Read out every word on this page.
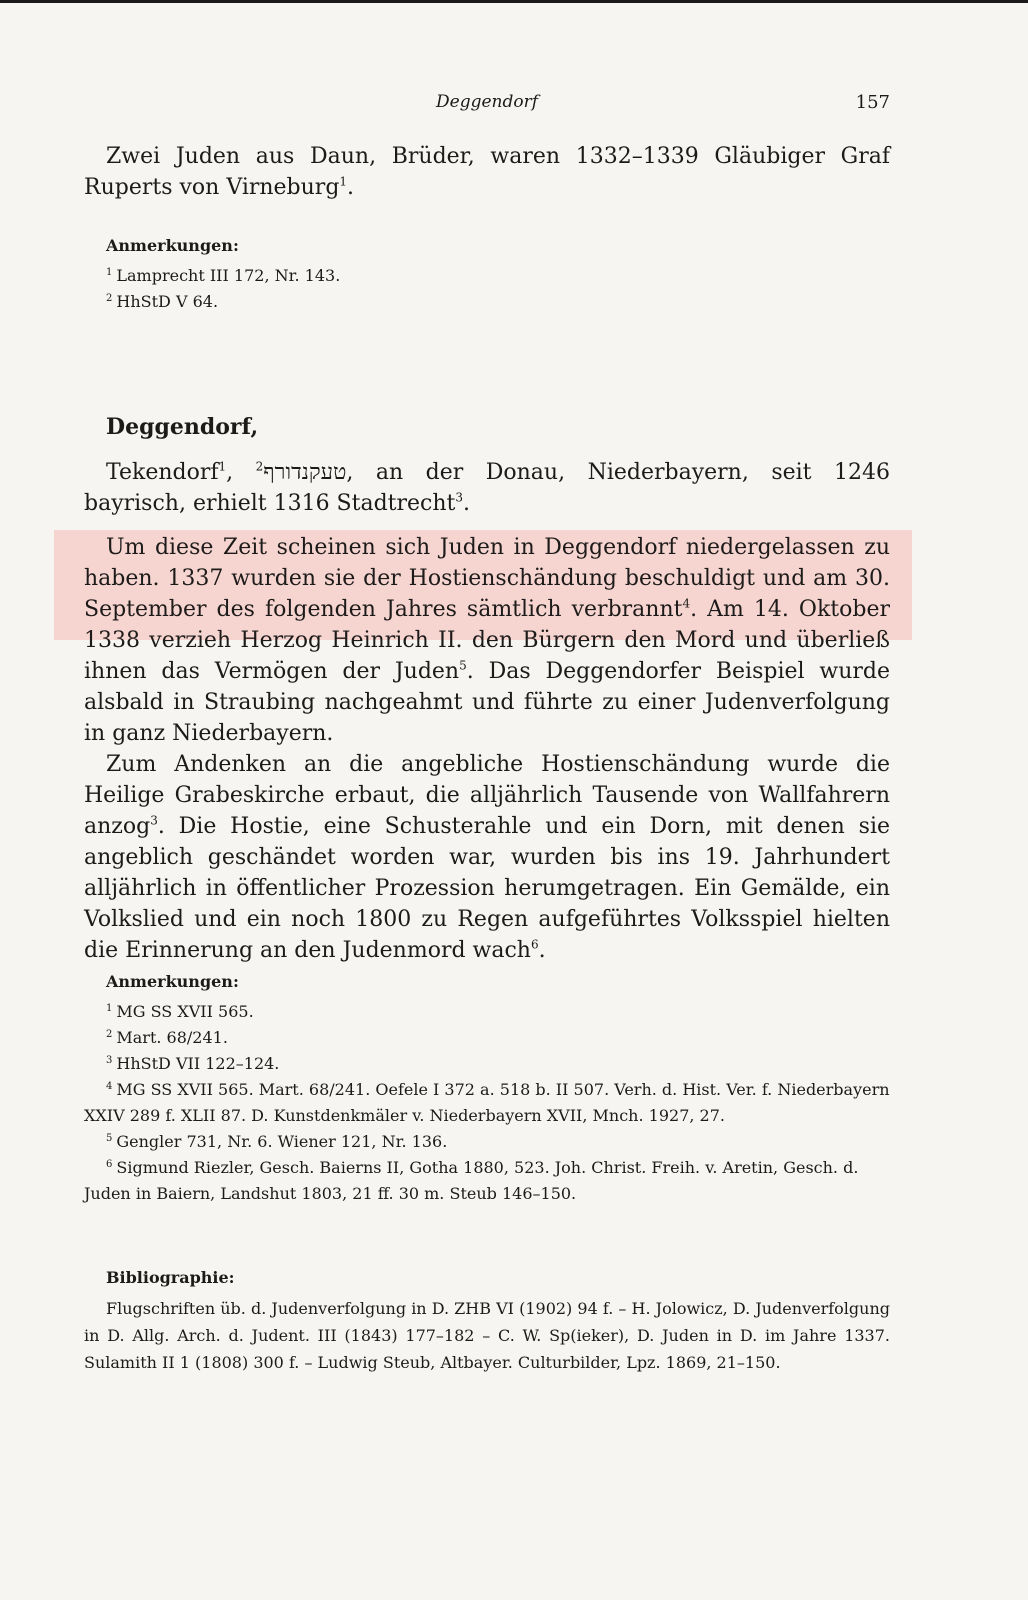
Deggendorf	157

Zwei Juden aus Daun, Brüder, waren 1332–1339 Gläubiger Graf Ruperts von Virneburg$^1$.

Anmerkungen:

$^1$ Lamprecht III 172, Nr. 143.

$^2$ HhStD V 64.

Deggendorf,

Tekendorf$^1$, טעקנדורף$^2$	, an der Donau, Niederbayern, seit 1246 bayrisch, erhielt 1316 Stadtrecht$^3$.

Um diese Zeit scheinen sich Juden in Deggendorf niedergelassen zu haben. 1337 wurden sie der Hostienschändung beschuldigt und am 30. September des folgenden Jahres sämtlich verbrannt$^4$. Am 14. Oktober 1338 verzieh Herzog Heinrich II. den Bürgern den Mord und überließ ihnen das Vermögen der Juden$^5$. Das Deggendorfer Beispiel wurde alsbald in Straubing nachgeahmt und führte zu einer Judenverfolgung in ganz Niederbayern.

Zum Andenken an die angebliche Hostienschändung wurde die Heilige Grabeskirche erbaut, die alljährlich Tausende von Wallfahrern anzog$^3$. Die Hostie, eine Schusterahle und ein Dorn, mit denen sie angeblich geschändet worden war, wurden bis ins 19. Jahrhundert alljährlich in öffentlicher Prozession herumgetragen. Ein Gemälde, ein Volkslied und ein noch 1800 zu Regen aufgeführtes Volksspiel hielten die Erinnerung an den Judenmord wach$^6$.

Anmerkungen:

$^1$ MG SS XVII 565.

$^2$ Mart. 68/241.

$^3$ HhStD VII 122–124.

$^4$ MG SS XVII 565. Mart. 68/241. Oefele I 372 a. 518 b. II 507. Verh. d. Hist. Ver. f. Niederbayern XXIV 289 f. XLII 87. D. Kunstdenkmäler v. Niederbayern XVII, Mnch. 1927, 27.

$^5$ Gengler 731, Nr. 6. Wiener 121, Nr. 136.

$^6$ Sigmund Riezler, Gesch. Baierns II, Gotha 1880, 523. Joh. Christ. Freih. v. Aretin, Gesch. d. Juden in Baiern, Landshut 1803, 21 ff. 30 m. Steub 146–150.

Bibliographie:

Flugschriften üb. d. Judenverfolgung in D. ZHB VI (1902) 94 f. – H. Jolowicz, D. Judenverfolgung in D. Allg. Arch. d. Judent. III (1843) 177–182 – C. W. Sp(ieker), D. Juden in D. im Jahre 1337. Sulamith II 1 (1808) 300 f. – Ludwig Steub, Altbayer. Culturbilder, Lpz. 1869, 21–150.
